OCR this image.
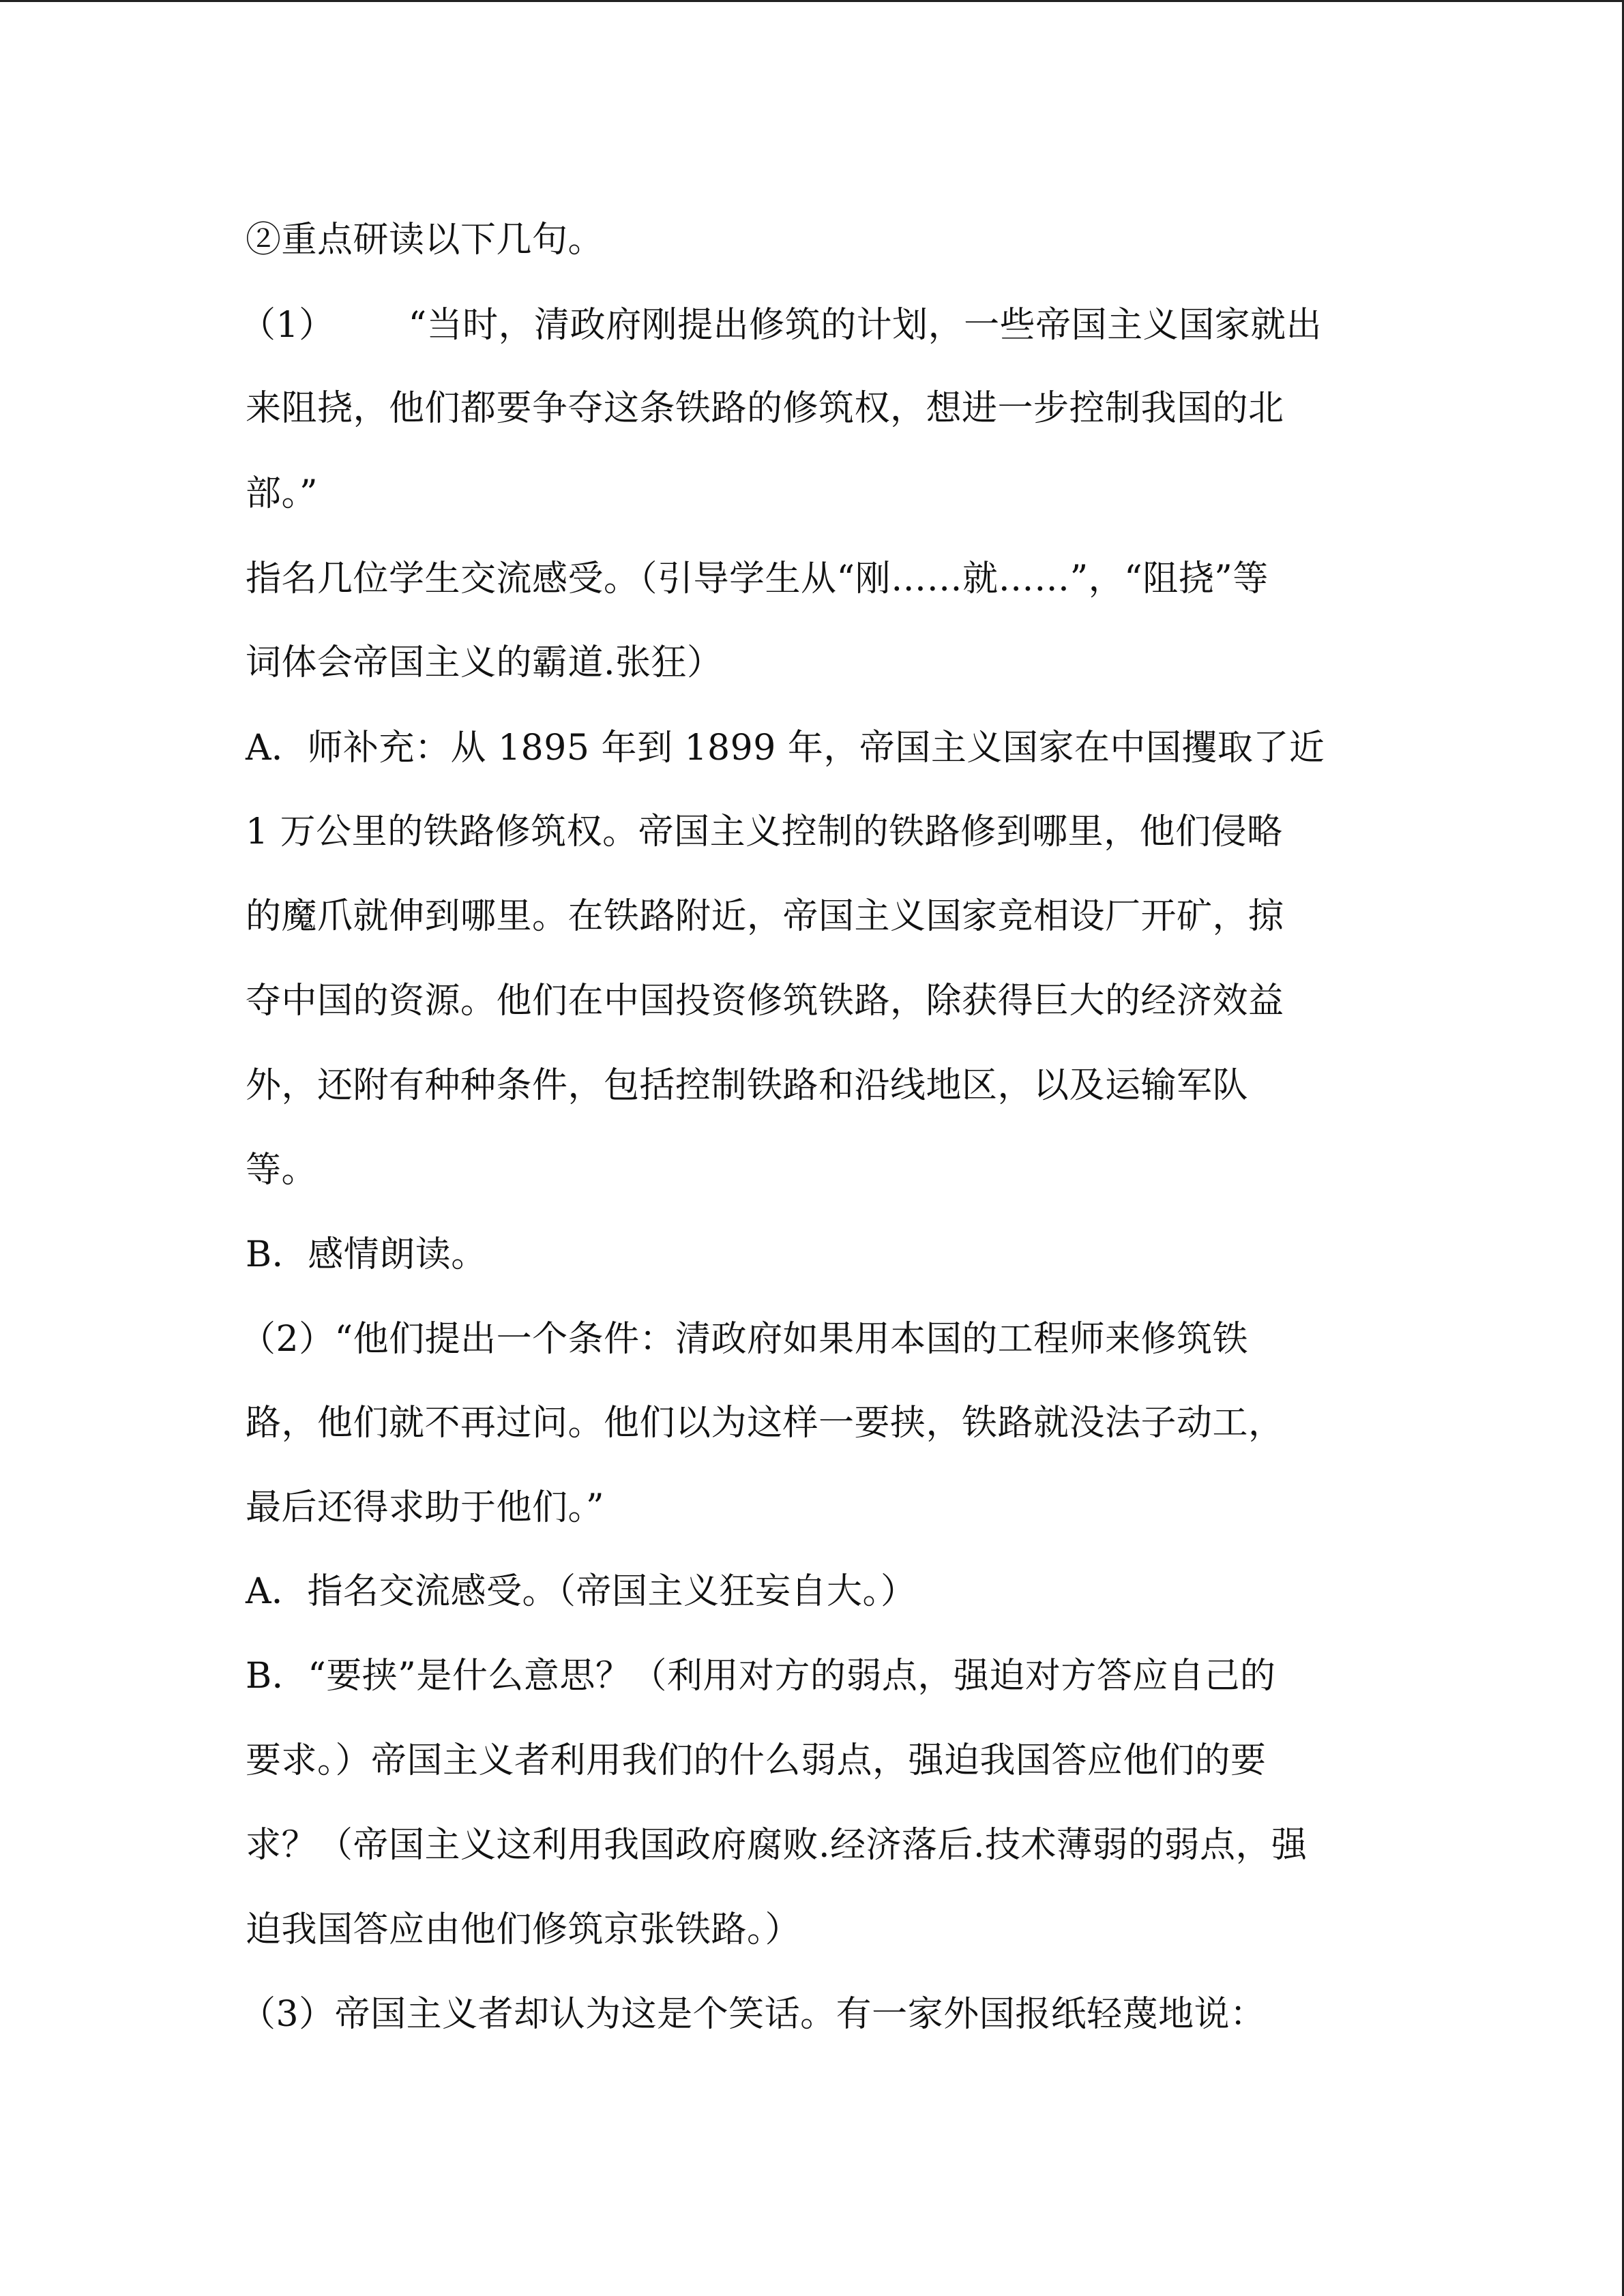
②重点研读以下几句。
（1） “当时，清政府刚提出修筑的计划，一些帝国主义国家就出
来阻挠，他们都要争夺这条铁路的修筑权，想进一步控制我国的北
部。”
指名几位学生交流感受。（引导学生从“刚……就……”，“阻挠”等
词体会帝国主义的霸道.张狂）
A．师补充：从 1895 年到 1899 年，帝国主义国家在中国攫取了近
1 万公里的铁路修筑权。帝国主义控制的铁路修到哪里，他们侵略
的魔爪就伸到哪里。在铁路附近，帝国主义国家竞相设厂开矿，掠
夺中国的资源。他们在中国投资修筑铁路，除获得巨大的经济效益
外，还附有种种条件，包括控制铁路和沿线地区，以及运输军队
等。
B．感情朗读。
（2）“他们提出一个条件：清政府如果用本国的工程师来修筑铁
路，他们就不再过问。他们以为这样一要挟，铁路就没法子动工，
最后还得求助于他们。”
A．指名交流感受。（帝国主义狂妄自大。）
B．“要挟”是什么意思？（利用对方的弱点，强迫对方答应自己的
要求。）帝国主义者利用我们的什么弱点，强迫我国答应他们的要
求？（帝国主义这利用我国政府腐败.经济落后.技术薄弱的弱点，强
迫我国答应由他们修筑京张铁路。）
（3）帝国主义者却认为这是个笑话。有一家外国报纸轻蔑地说：
